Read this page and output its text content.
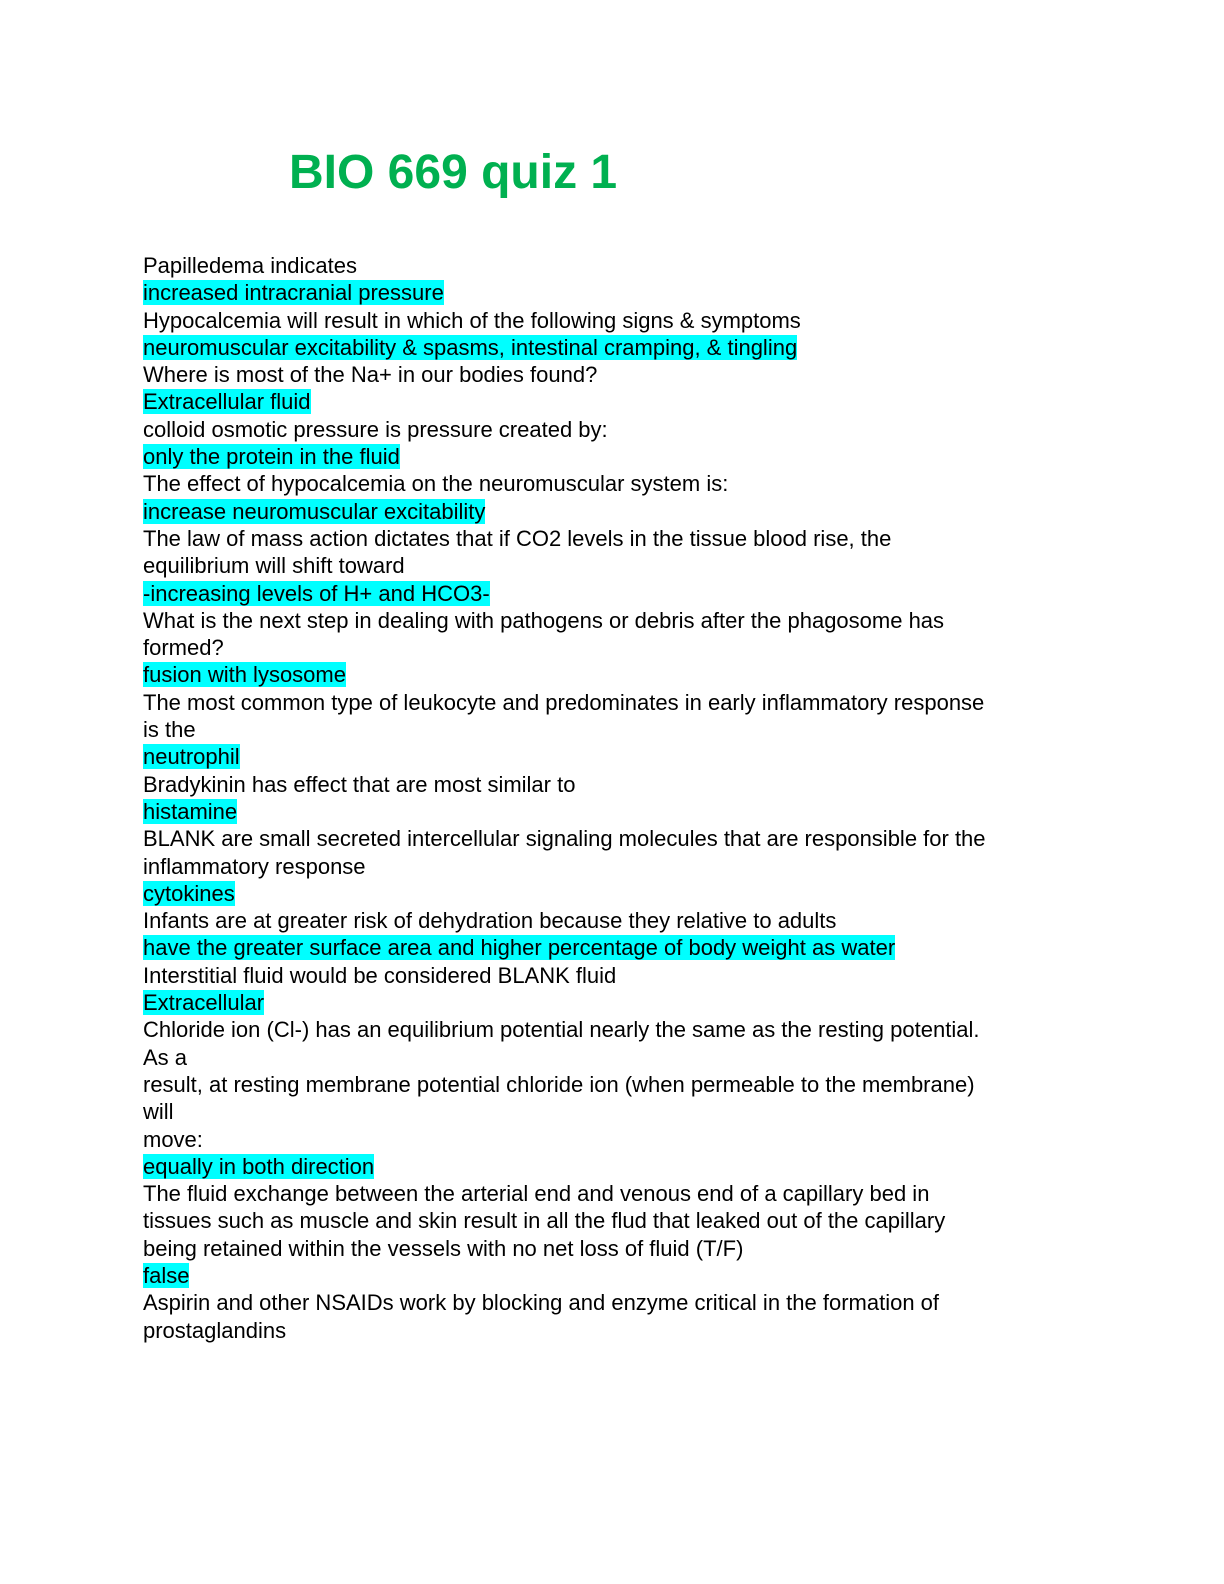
BIO 669 quiz 1
Papilledema indicates
increased intracranial pressure
Hypocalcemia will result in which of the following signs & symptoms
neuromuscular excitability & spasms, intestinal cramping, & tingling
Where is most of the Na+ in our bodies found?
Extracellular fluid
colloid osmotic pressure is pressure created by:
only the protein in the fluid
The effect of hypocalcemia on the neuromuscular system is:
increase neuromuscular excitability
The law of mass action dictates that if CO2 levels in the tissue blood rise, the
equilibrium will shift toward
-increasing levels of H+ and HCO3-
What is the next step in dealing with pathogens or debris after the phagosome has
formed?
fusion with lysosome
The most common type of leukocyte and predominates in early inflammatory response
is the
neutrophil
Bradykinin has effect that are most similar to
histamine
BLANK are small secreted intercellular signaling molecules that are responsible for the
inflammatory response
cytokines
Infants are at greater risk of dehydration because they relative to adults
have the greater surface area and higher percentage of body weight as water
Interstitial fluid would be considered BLANK fluid
Extracellular
Chloride ion (Cl-) has an equilibrium potential nearly the same as the resting potential.
As a
result, at resting membrane potential chloride ion (when permeable to the membrane)
will
move:
equally in both direction
The fluid exchange between the arterial end and venous end of a capillary bed in
tissues such as muscle and skin result in all the flud that leaked out of the capillary
being retained within the vessels with no net loss of fluid (T/F)
false
Aspirin and other NSAIDs work by blocking and enzyme critical in the formation of
prostaglandins
